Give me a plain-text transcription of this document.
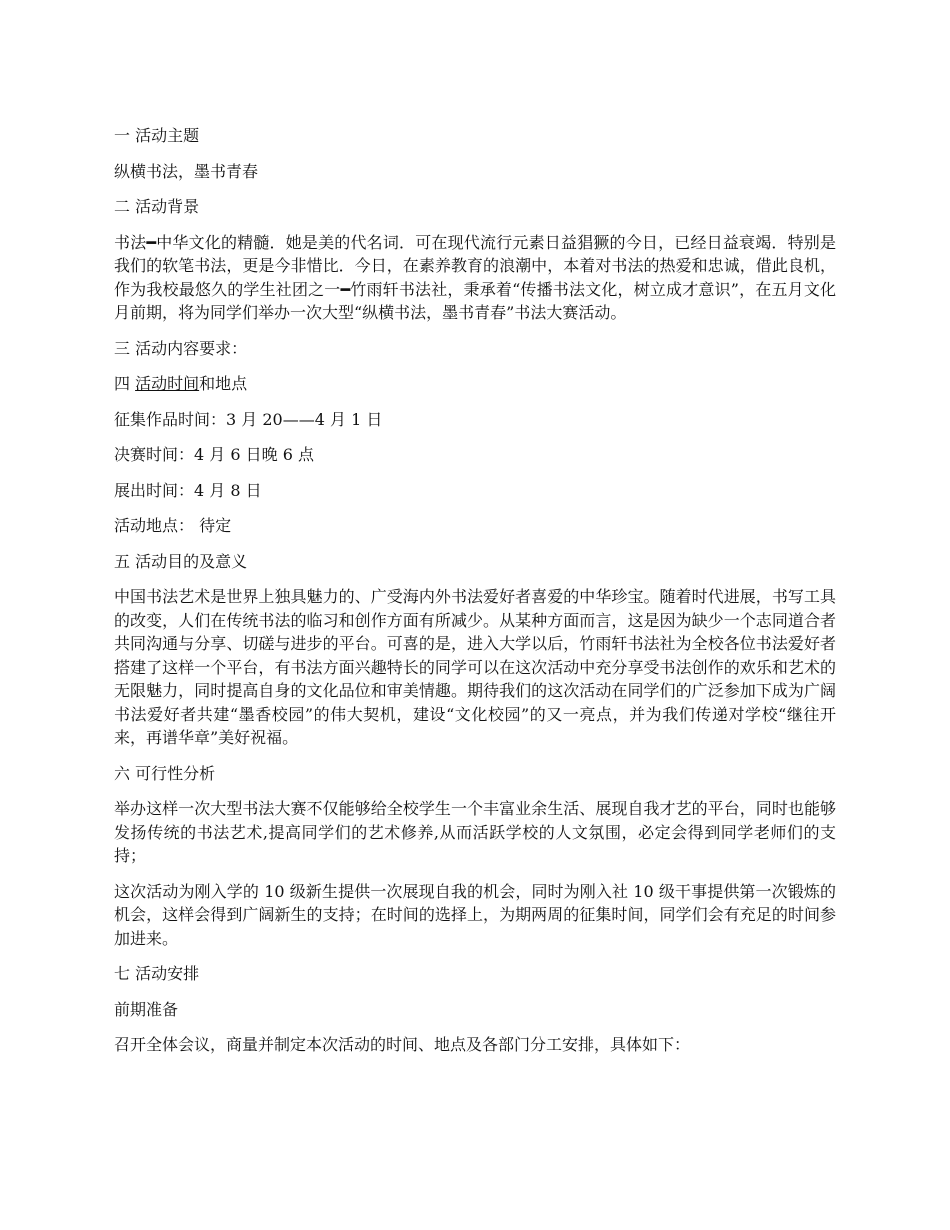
一 活动主题

纵横书法，墨书青春

二 活动背景

书法━中华文化的精髓．她是美的代名词．可在现代流行元素日益猖獗的今日，已经日益衰竭．特别是我们的软笔书法，更是今非惜比．今日，在素养教育的浪潮中，本着对书法的热爱和忠诚，借此良机，作为我校最悠久的学生社团之一━竹雨轩书法社，秉承着“传播书法文化，树立成才意识”，在五月文化月前期，将为同学们举办一次大型“纵横书法，墨书青春”书法大赛活动。

三 活动内容要求：

四 活动时间和地点

征集作品时间：3 月 20——4 月 1 日

决赛时间：4 月 6 日晚 6 点

展出时间：4 月 8 日

活动地点： 待定

五 活动目的及意义

中国书法艺术是世界上独具魅力的、广受海内外书法爱好者喜爱的中华珍宝。随着时代进展，书写工具的改变，人们在传统书法的临习和创作方面有所减少。从某种方面而言，这是因为缺少一个志同道合者共同沟通与分享、切磋与进步的平台。可喜的是，进入大学以后，竹雨轩书法社为全校各位书法爱好者搭建了这样一个平台，有书法方面兴趣特长的同学可以在这次活动中充分享受书法创作的欢乐和艺术的无限魅力，同时提高自身的文化品位和审美情趣。期待我们的这次活动在同学们的广泛参加下成为广阔书法爱好者共建“墨香校园”的伟大契机，建设“文化校园”的又一亮点，并为我们传递对学校“继往开来，再谱华章”美好祝福。

六 可行性分析

举办这样一次大型书法大赛不仅能够给全校学生一个丰富业余生活、展现自我才艺的平台，同时也能够发扬传统的书法艺术,提高同学们的艺术修养,从而活跃学校的人文氛围，必定会得到同学老师们的支持；

这次活动为刚入学的 10 级新生提供一次展现自我的机会，同时为刚入社 10 级干事提供第一次锻炼的机会，这样会得到广阔新生的支持；在时间的选择上，为期两周的征集时间，同学们会有充足的时间参加进来。

七 活动安排

前期准备

召开全体会议，商量并制定本次活动的时间、地点及各部门分工安排，具体如下：
